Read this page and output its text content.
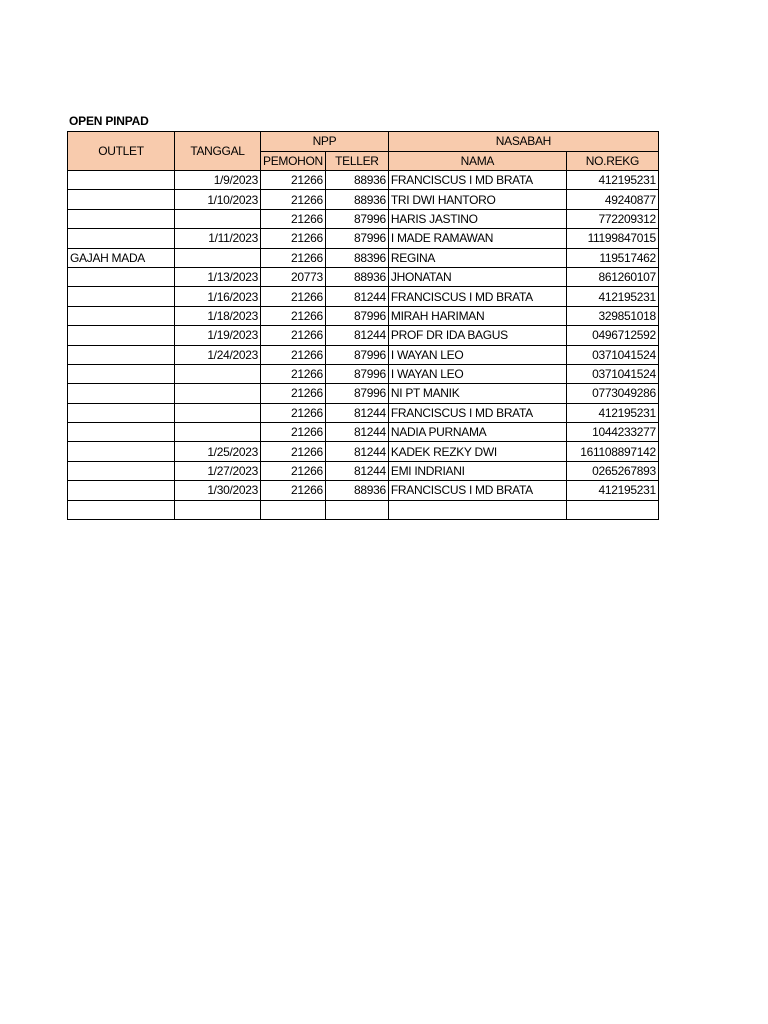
OPEN PINPAD
OUTLET	TANGGAL	NPP		NASABAH	
		PEMOHON	TELLER	NAMA	NO.REKG
	1/9/2023	21266	88936	FRANCISCUS I MD BRATA	412195231
	1/10/2023	21266	88936	TRI DWI HANTORO	49240877
		21266	87996	HARIS JASTINO	772209312
	1/11/2023	21266	87996	I MADE RAMAWAN	11199847015
GAJAH MADA		21266	88396	REGINA	119517462
	1/13/2023	20773	88936	JHONATAN	861260107
	1/16/2023	21266	81244	FRANCISCUS I MD BRATA	412195231
	1/18/2023	21266	87996	MIRAH HARIMAN	329851018
	1/19/2023	21266	81244	PROF DR IDA BAGUS	0496712592
	1/24/2023	21266	87996	I WAYAN LEO	0371041524
		21266	87996	I WAYAN LEO	0371041524
		21266	87996	NI PT MANIK	0773049286
		21266	81244	FRANCISCUS I MD BRATA	412195231
		21266	81244	NADIA PURNAMA	1044233277
	1/25/2023	21266	81244	KADEK REZKY DWI	161108897142
	1/27/2023	21266	81244	EMI INDRIANI	0265267893
	1/30/2023	21266	88936	FRANCISCUS I MD BRATA	412195231
